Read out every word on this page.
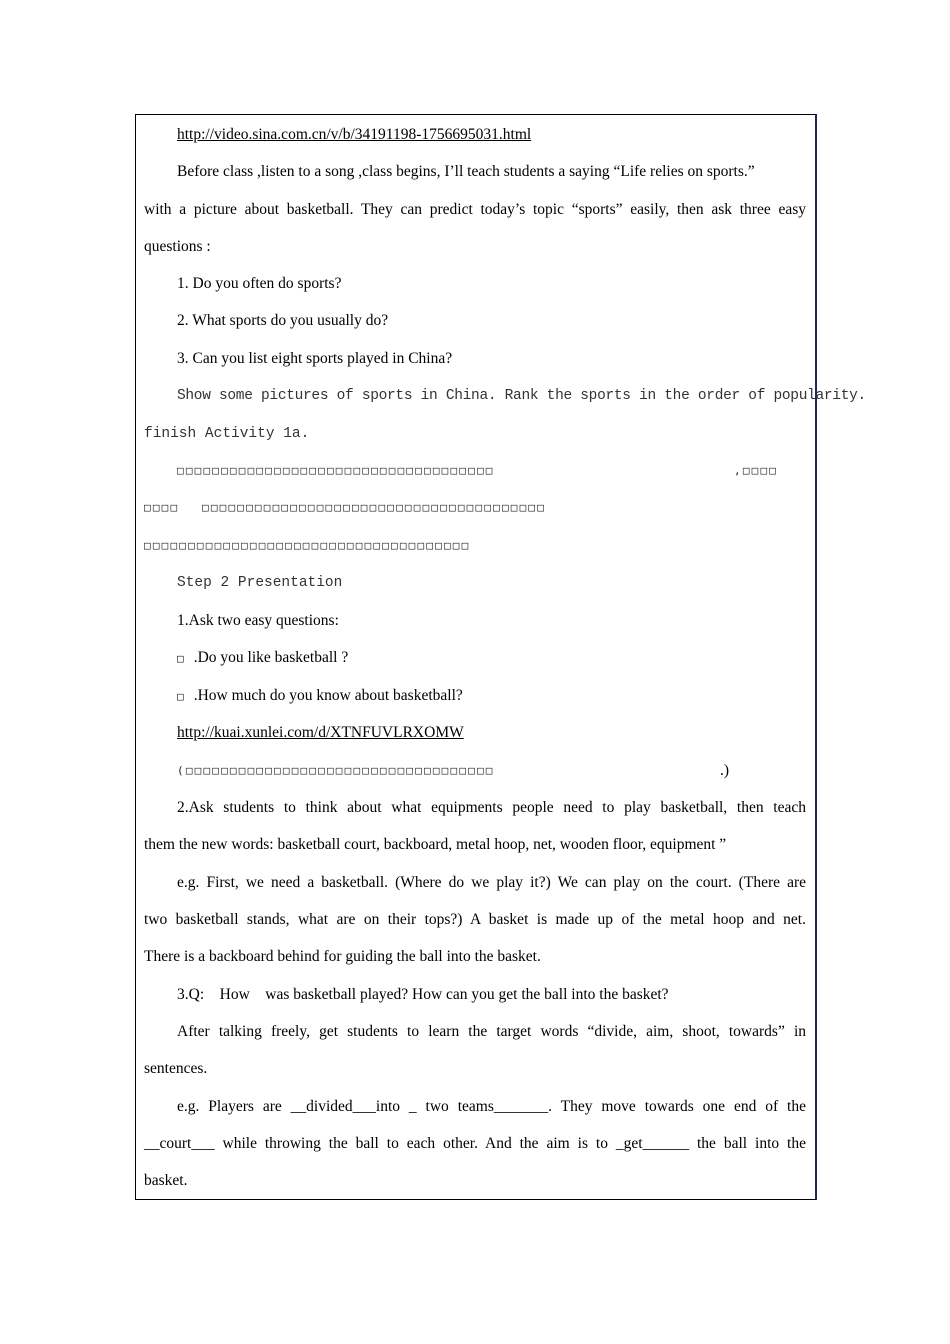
http://video.sina.com.cn/v/b/34191198-1756695031.html
Before class ,listen to a song ,class begins, I’ll teach students a saying “Life relies on sports.”
with a picture about basketball. They can predict today’s topic “sports” easily, then ask three easy
questions :
1. Do you often do sports?
2. What sports do you usually do?
3. Can you list eight sports played in China?
Show some pictures of sports in China. Rank the sports in the order of popularity.
finish Activity 1a.
□□□□□□□□□□□□□□□□□□□□□□□□□□□□□□□□□□□□	,□□□□
□□□□	□□□□□□□□□□□□□□□□□□□□□□□□□□□□□□□□□□□□□□□
□□□□□□□□□□□□□□□□□□□□□□□□□□□□□□□□□□□□□
Step 2 Presentation
1.Ask two easy questions:
□ .Do you like basketball ?
□ .How much do you know about basketball?
http://kuai.xunlei.com/d/XTNFUVLRXOMW
(□□□□□□□□□□□□□□□□□□□□□□□□□□□□□□□□□□□	.)
2.Ask students to think about what equipments people need to play basketball, then teach
them the new words: basketball court, backboard, metal hoop, net, wooden floor, equipment ”
e.g. First, we need a basketball. (Where do we play it?) We can play on the court. (There are
two basketball stands, what are on their tops?) A basket is made up of the metal hoop and net.
There is a backboard behind for guiding the ball into the basket.
3.Q:    How    was basketball played? How can you get the ball into the basket?
After talking freely, get students to learn the target words “divide, aim, shoot, towards” in
sentences.
e.g. Players are __divided___into _ two teams_______. They move towards one end of the
__court___ while throwing the ball to each other. And the aim is to _get______ the ball into the
basket.
